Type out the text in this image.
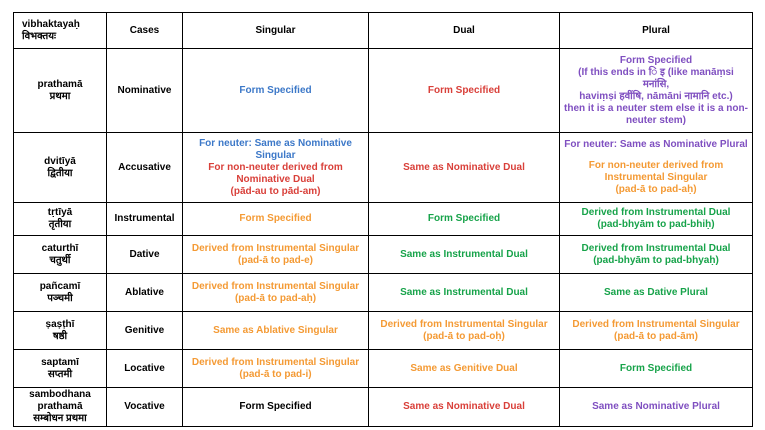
vibhaktayaḥ
विभक्तयः	Cases	Singular	Dual	Plural

prathamā
प्रथमा	Nominative	Form Specified	Form Specified	Form Specified
(If this ends in ि इ (like manāṃsi मनांसि,
haviṃṣi हवींषि, nāmāni नामानि etc.)
then it is a neuter stem else it is a non-
neuter stem)

dvitīyā
द्वितीया	Accusative	For neuter: Same as Nominative
Singular
For non-neuter derived from
Nominative Dual
(pād-au to pād-am)	Same as Nominative Dual	For neuter: Same as Nominative Plural
For non-neuter derived from
Instrumental Singular
(pad-ā to pad-aḥ)

tṛtīyā
तृतीया	Instrumental	Form Specified	Form Specified	Derived from Instrumental Dual
(pad-bhyām to pad-bhiḥ)

caturthī
चतुर्थी	Dative	Derived from Instrumental Singular
(pad-ā to pad-e)	Same as Instrumental Dual	Derived from Instrumental Dual
(pad-bhyām to pad-bhyaḥ)

pañcamī
पञ्चमी	Ablative	Derived from Instrumental Singular
(pad-ā to pad-aḥ)	Same as Instrumental Dual	Same as Dative Plural

ṣaṣṭhī
षष्ठी	Genitive	Same as Ablative Singular	Derived from Instrumental Singular
(pad-ā to pad-oḥ)	Derived from Instrumental Singular
(pad-ā to pad-ām)

saptamī
सप्तमी	Locative	Derived from Instrumental Singular
(pad-ā to pad-i)	Same as Genitive Dual	Form Specified

sambodhana
prathamā
सम्बोधन प्रथमा	Vocative	Form Specified	Same as Nominative Dual	Same as Nominative Plural
